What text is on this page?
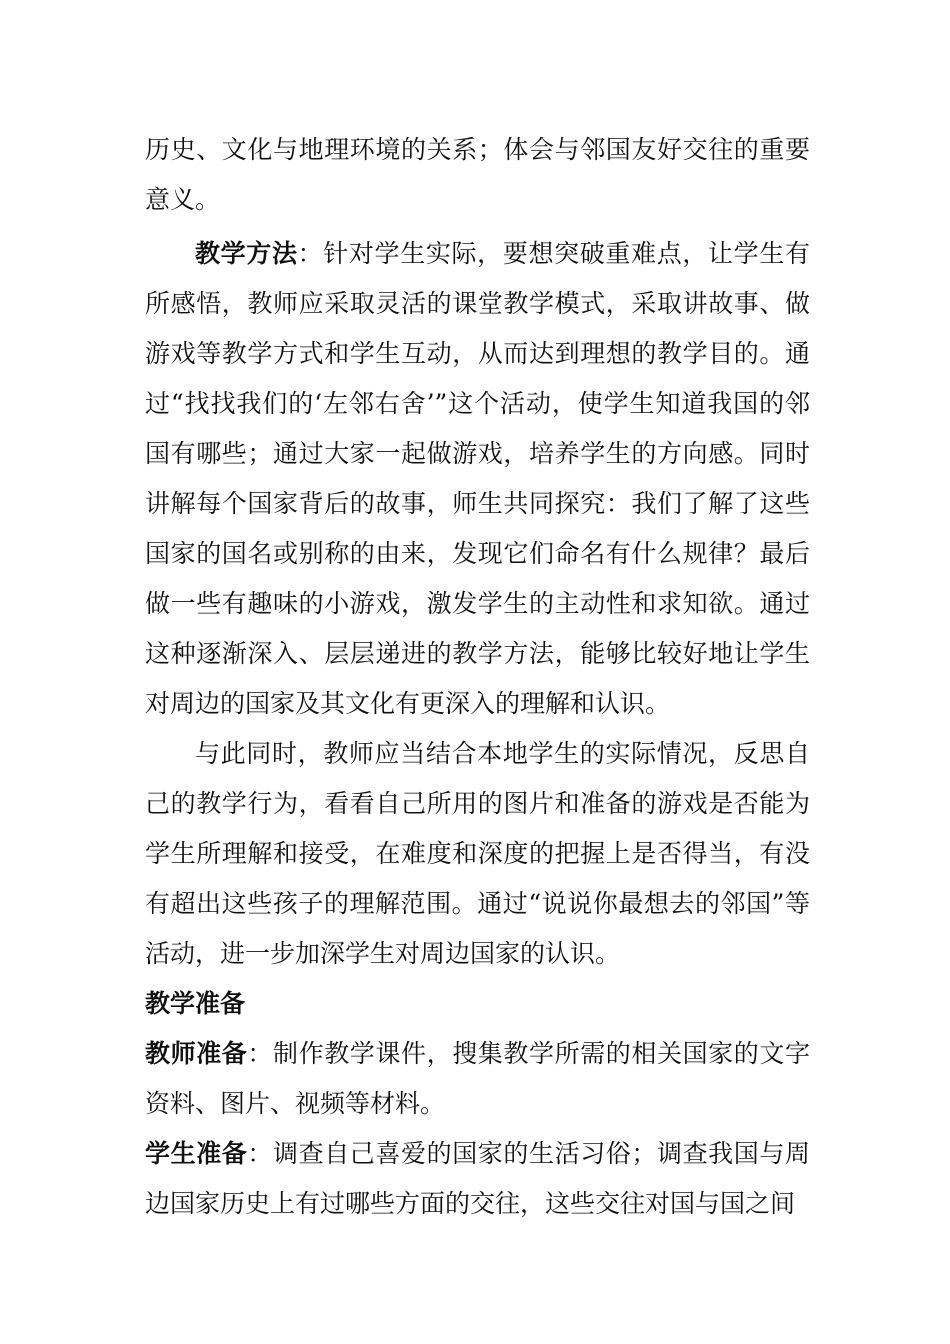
历史、文化与地理环境的关系；体会与邻国友好交往的重要意义。

教学方法：针对学生实际，要想突破重难点，让学生有所感悟，教师应采取灵活的课堂教学模式，采取讲故事、做游戏等教学方式和学生互动，从而达到理想的教学目的。通过“找找我们的‘左邻右舍’”这个活动，使学生知道我国的邻国有哪些；通过大家一起做游戏，培养学生的方向感。同时讲解每个国家背后的故事，师生共同探究：我们了解了这些国家的国名或别称的由来，发现它们命名有什么规律？最后做一些有趣味的小游戏，激发学生的主动性和求知欲。通过这种逐渐深入、层层递进的教学方法，能够比较好地让学生对周边的国家及其文化有更深入的理解和认识。

与此同时，教师应当结合本地学生的实际情况，反思自己的教学行为，看看自己所用的图片和准备的游戏是否能为学生所理解和接受，在难度和深度的把握上是否得当，有没有超出这些孩子的理解范围。通过“说说你最想去的邻国”等活动，进一步加深学生对周边国家的认识。

教学准备

教师准备：制作教学课件，搜集教学所需的相关国家的文字资料、图片、视频等材料。

学生准备：调查自己喜爱的国家的生活习俗；调查我国与周边国家历史上有过哪些方面的交往，这些交往对国与国之间
